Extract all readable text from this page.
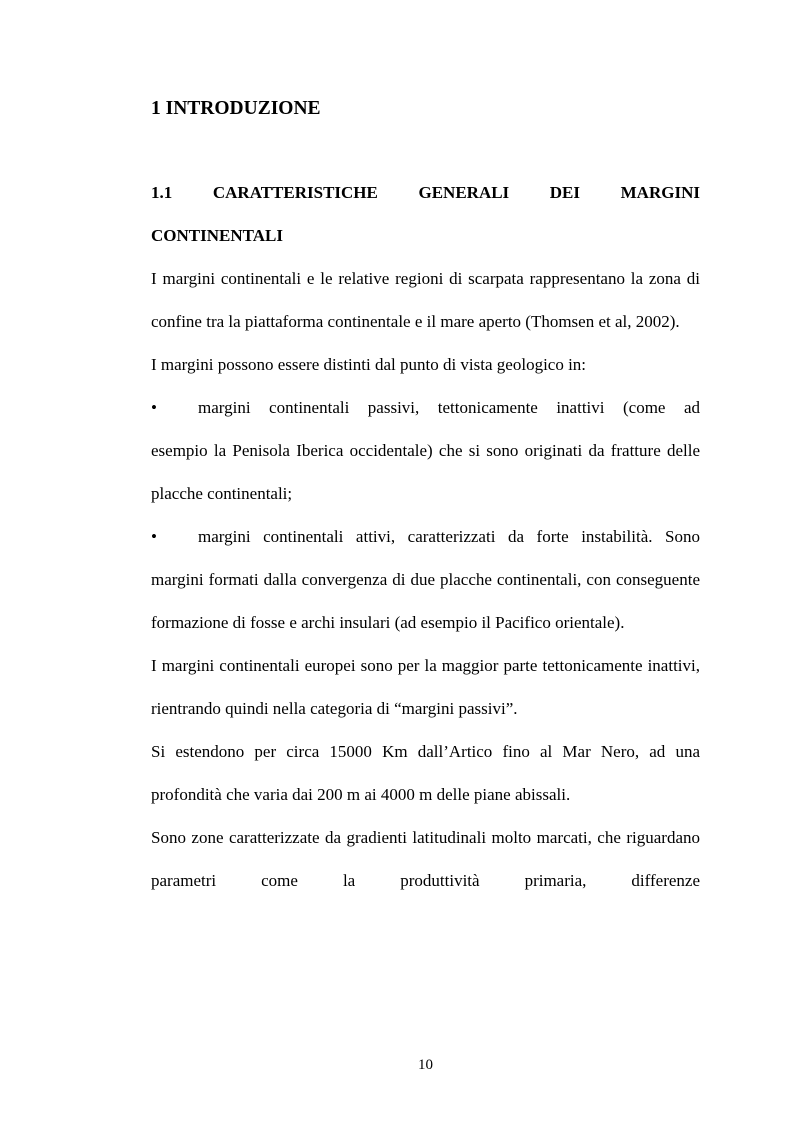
1 INTRODUZIONE
1.1 CARATTERISTICHE GENERALI DEI MARGINI
CONTINENTALI

I margini continentali e le relative regioni di scarpata rappresentano la zona di confine tra la piattaforma continentale e il mare aperto (Thomsen et al, 2002).

I margini possono essere distinti dal punto di vista geologico in:

• margini continentali passivi, tettonicamente inattivi (come ad

esempio la Penisola Iberica occidentale) che si sono originati da fratture delle placche continentali;

• margini continentali attivi, caratterizzati da forte instabilità. Sono

margini formati dalla convergenza di due placche continentali, con conseguente formazione di fosse e archi insulari (ad esempio il Pacifico orientale).

I margini continentali europei sono per la maggior parte tettonicamente inattivi, rientrando quindi nella categoria di “margini passivi”.

Si estendono per circa 15000 Km dall’Artico fino al Mar Nero, ad una profondità che varia dai 200 m ai 4000 m delle piane abissali.

Sono zone caratterizzate da gradienti latitudinali molto marcati, che riguardano parametri come la produttività primaria, differenze

10
